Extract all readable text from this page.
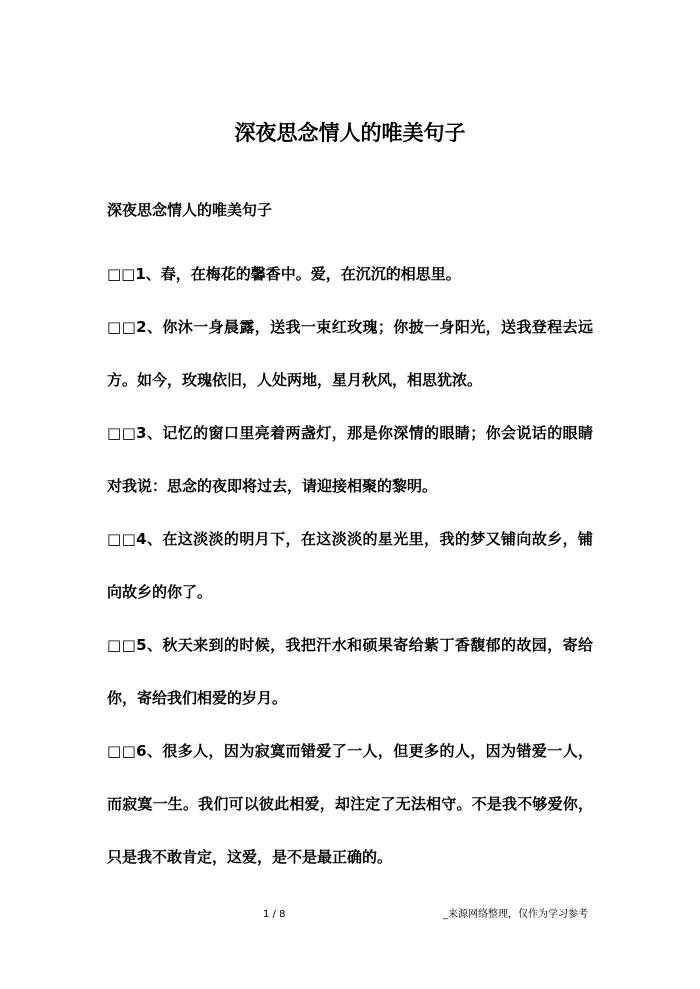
深夜思念情人的唯美句子
深夜思念情人的唯美句子

□□1、春，在梅花的馨香中。爱，在沉沉的相思里。

□□2、你沐一身晨露，送我一束红玫瑰；你披一身阳光，送我登程去远方。如今，玫瑰依旧，人处两地，星月秋风，相思犹浓。

□□3、记忆的窗口里亮着两盏灯，那是你深情的眼睛；你会说话的眼睛对我说：思念的夜即将过去，请迎接相聚的黎明。

□□4、在这淡淡的明月下，在这淡淡的星光里，我的梦又铺向故乡，铺向故乡的你了。

□□5、秋天来到的时候，我把汗水和硕果寄给紫丁香馥郁的故园，寄给你，寄给我们相爱的岁月。

□□6、很多人，因为寂寞而错爱了一人，但更多的人，因为错爱一人，而寂寞一生。我们可以彼此相爱，却注定了无法相守。不是我不够爱你，只是我不敢肯定，这爱，是不是最正确的。

1 / 8	_来源网络整理，仅作为学习参考
